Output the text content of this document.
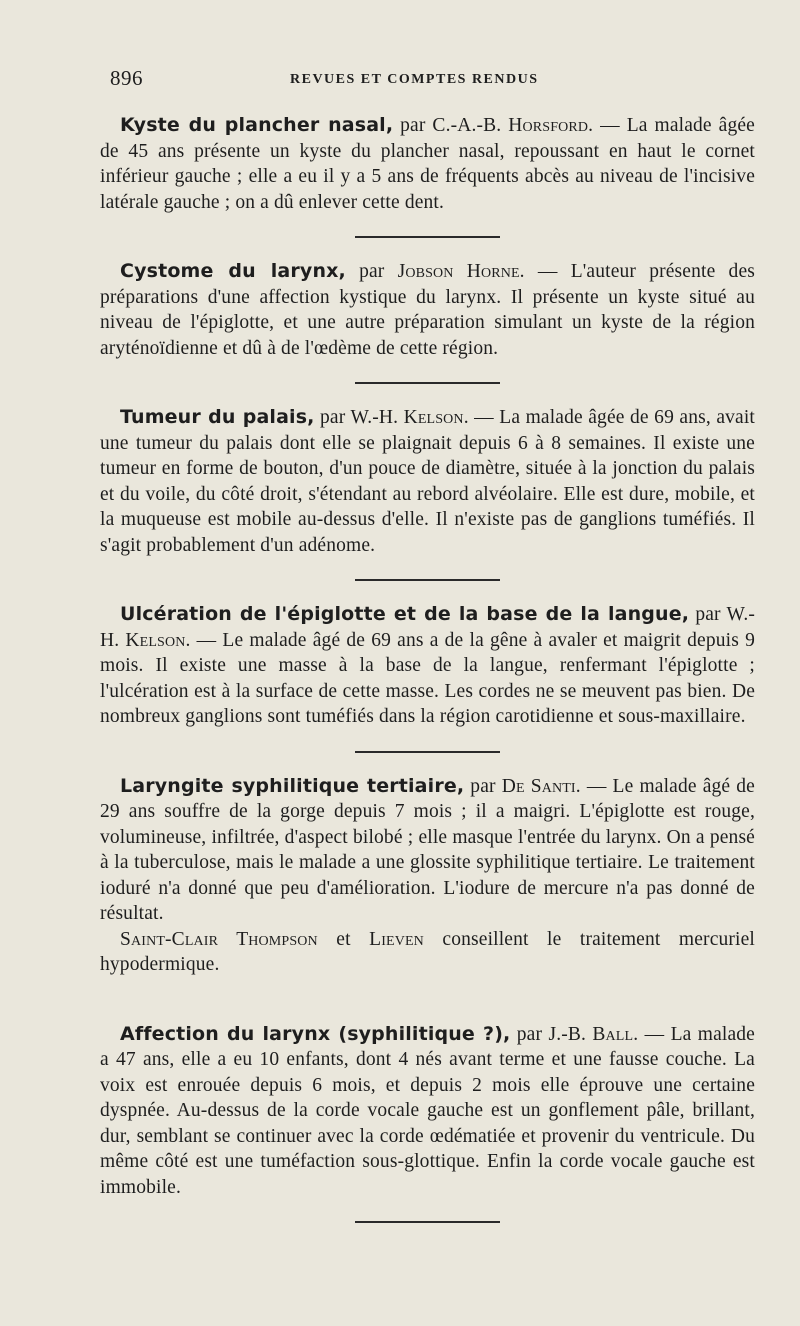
896	REVUES ET COMPTES RENDUS

Kyste du plancher nasal, par C.-A.-B. Horsford. — La malade âgée de 45 ans présente un kyste du plancher nasal, repoussant en haut le cornet inférieur gauche ; elle a eu il y a 5 ans de fréquents abcès au niveau de l'incisive latérale gauche ; on a dû enlever cette dent.

Cystome du larynx, par Jobson Horne. — L'auteur présente des préparations d'une affection kystique du larynx. Il présente un kyste situé au niveau de l'épiglotte, et une autre préparation simulant un kyste de la région aryténoïdienne et dû à de l'œdème de cette région.

Tumeur du palais, par W.-H. Kelson. — La malade âgée de 69 ans, avait une tumeur du palais dont elle se plaignait depuis 6 à 8 semaines. Il existe une tumeur en forme de bouton, d'un pouce de diamètre, située à la jonction du palais et du voile, du côté droit, s'étendant au rebord alvéolaire. Elle est dure, mobile, et la muqueuse est mobile au-dessus d'elle. Il n'existe pas de ganglions tuméfiés. Il s'agit probablement d'un adénome.

Ulcération de l'épiglotte et de la base de la langue, par W.-H. Kelson. — Le malade âgé de 69 ans a de la gêne à avaler et maigrit depuis 9 mois. Il existe une masse à la base de la langue, renfermant l'épiglotte ; l'ulcération est à la surface de cette masse. Les cordes ne se meuvent pas bien. De nombreux ganglions sont tuméfiés dans la région carotidienne et sous-maxillaire.

Laryngite syphilitique tertiaire, par De Santi. — Le malade âgé de 29 ans souffre de la gorge depuis 7 mois ; il a maigri. L'épiglotte est rouge, volumineuse, infiltrée, d'aspect bilobé ; elle masque l'entrée du larynx. On a pensé à la tuberculose, mais le malade a une glossite syphilitique tertiaire. Le traitement ioduré n'a donné que peu d'amélioration. L'iodure de mercure n'a pas donné de résultat.

Saint-Clair Thompson et Lieven conseillent le traitement mercuriel hypodermique.

Affection du larynx (syphilitique ?), par J.-B. Ball. — La malade a 47 ans, elle a eu 10 enfants, dont 4 nés avant terme et une fausse couche. La voix est enrouée depuis 6 mois, et depuis 2 mois elle éprouve une certaine dyspnée. Au-dessus de la corde vocale gauche est un gonflement pâle, brillant, dur, semblant se continuer avec la corde œdématiée et provenir du ventricule. Du même côté est une tuméfaction sous-glottique. Enfin la corde vocale gauche est immobile.
